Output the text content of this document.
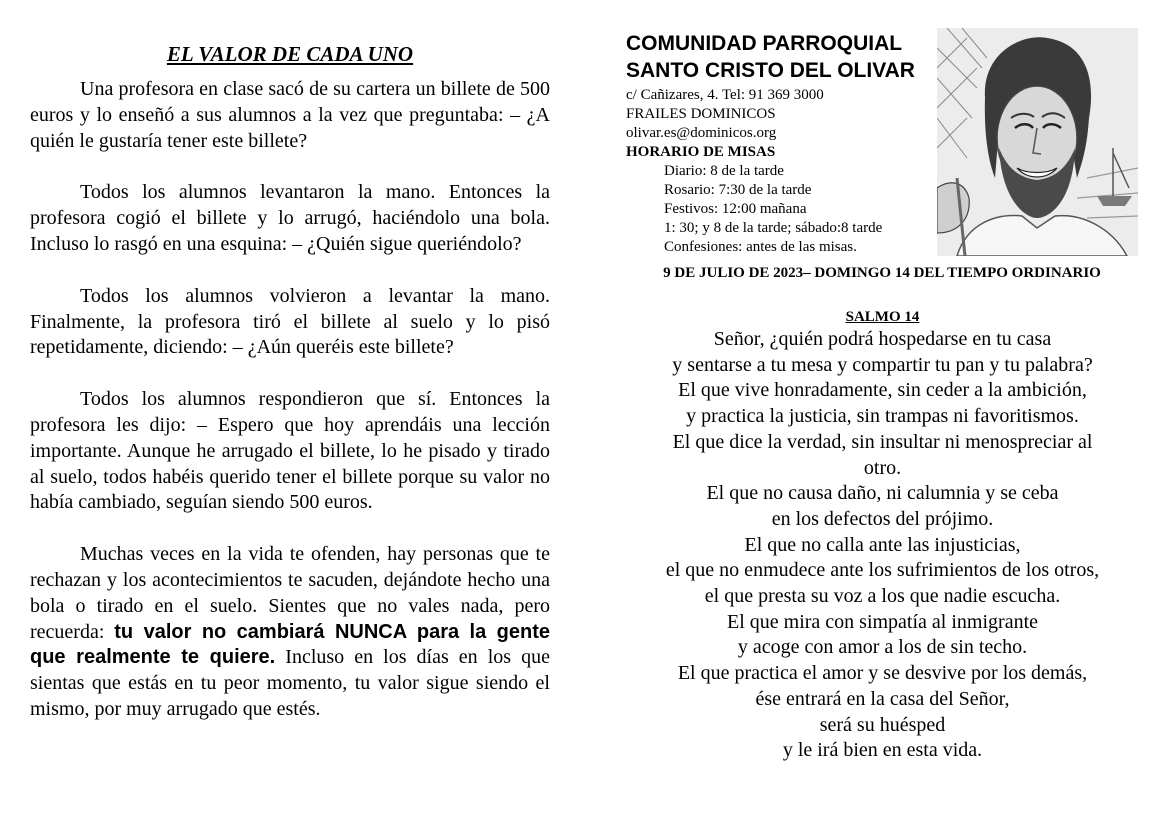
EL VALOR DE CADA UNO

Una profesora en clase sacó de su cartera un billete de 500 euros y lo enseñó a sus alumnos a la vez que preguntaba: – ¿A quién le gustaría tener este billete?

Todos los alumnos levantaron la mano. Entonces la profesora cogió el billete y lo arrugó, haciéndolo una bola. Incluso lo rasgó en una esquina: – ¿Quién sigue queriéndolo?

Todos los alumnos volvieron a levantar la mano. Finalmente, la profesora tiró el billete al suelo y lo pisó repetidamente, diciendo: – ¿Aún queréis este billete?

Todos los alumnos respondieron que sí. Entonces la profesora les dijo: – Espero que hoy aprendáis una lección importante. Aunque he arrugado el billete, lo he pisado y tirado al suelo, todos habéis querido tener el billete porque su valor no había cambiado, seguían siendo 500 euros.

Muchas veces en la vida te ofenden, hay personas que te rechazan y los acontecimientos te sacuden, dejándote hecho una bola o tirado en el suelo. Sientes que no vales nada, pero recuerda: tu valor no cambiará NUNCA para la gente que realmente te quiere. Incluso en los días en los que sientas que estás en tu peor momento, tu valor sigue siendo el mismo, por muy arrugado que estés.

COMUNIDAD PARROQUIAL
SANTO CRISTO DEL OLIVAR
c/ Cañizares, 4. Tel: 91 369 3000
FRAILES DOMINICOS
olivar.es@dominicos.org
HORARIO DE MISAS
Diario: 8 de la tarde
Rosario: 7:30 de la tarde
Festivos: 12:00 mañana
1: 30; y 8 de la tarde; sábado:8 tarde
Confesiones: antes de las misas.
9 DE JULIO DE 2023– DOMINGO 14 DEL TIEMPO ORDINARIO
SALMO 14
Señor, ¿quién podrá hospedarse en tu casa
y sentarse a tu mesa y compartir tu pan y tu palabra?
El que vive honradamente, sin ceder a la ambición,
y practica la justicia, sin trampas ni favoritismos.
El que dice la verdad, sin insultar ni menospreciar al
otro.
El que no causa daño, ni calumnia y se ceba
en los defectos del prójimo.
El que no calla ante las injusticias,
el que no enmudece ante los sufrimientos de los otros,
el que presta su voz a los que nadie escucha.
El que mira con simpatía al inmigrante
y acoge con amor a los de sin techo.
El que practica el amor y se desvive por los demás,
ése entrará en la casa del Señor,
será su huésped
y le irá bien en esta vida.
